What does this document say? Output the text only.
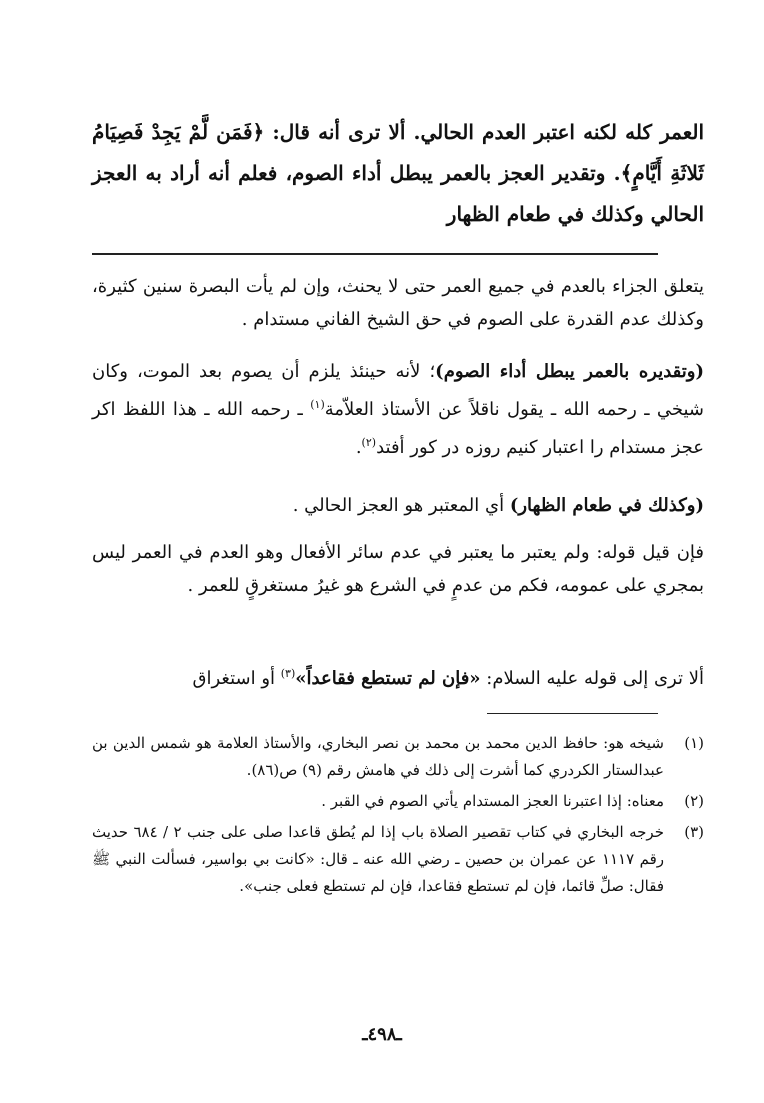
العمر كله لكنه اعتبر العدم الحالي. ألا ترى أنه قال: ﴿فَمَن لَّمْ يَجِدْ فَصِيَامُ ثَلاثَةِ أَيَّامٍ﴾. وتقدير العجز بالعمر يبطل أداء الصوم، فعلم أنه أراد به العجز الحالي وكذلك في طعام الظهار
يتعلق الجزاء بالعدم في جميع العمر حتى لا يحنث، وإن لم يأت البصرة سنين كثيرة، وكذلك عدم القدرة على الصوم في حق الشيخ الفاني مستدام .
(وتقديره بالعمر يبطل أداء الصوم)؛ لأنه حينئذ يلزم أن يصوم بعد الموت، وكان شيخي ـ رحمه الله ـ يقول ناقلاً عن الأستاذ العلاّمة$^{(١)}$ ـ رحمه الله ـ هذا اللفظ اكر عجز مستدام را اعتبار كنيم روزه در كور أفتد$^{(٢)}$.
(وكذلك في طعام الظهار) أي المعتبر هو العجز الحالي .
فإن قيل قوله: ولم يعتبر ما يعتبر في عدم سائر الأفعال وهو العدم في العمر ليس بمجري على عمومه، فكم من عدمٍ في الشرع هو غيرُ مستغرقٍ للعمر .
ألا ترى إلى قوله عليه السلام: «فإن لم تستطع فقاعداً»$^{(٣)}$ أو استغراق
(١)
شيخه هو: حافظ الدين محمد بن محمد بن نصر البخاري، والأستاذ العلامة هو شمس الدين بن عبدالستار الكردري كما أشرت إلى ذلك في هامش رقم (٩) ص(٨٦).
(٢)
معناه: إذا اعتبرنا العجز المستدام يأتي الصوم في القبر .
(٣)
خرجه البخاري في كتاب تقصير الصلاة باب إذا لم يُطق قاعدا صلى على جنب ٢ / ٦٨٤ حديث رقم ١١١٧ عن عمران بن حصين ـ رضي الله عنه ـ قال: «كانت بي بواسير، فسألت النبي ﷺ فقال: صلِّ قائما، فإن لم تستطع فقاعدا، فإن لم تستطع فعلى جنب».
ـ٤٩٨ـ
